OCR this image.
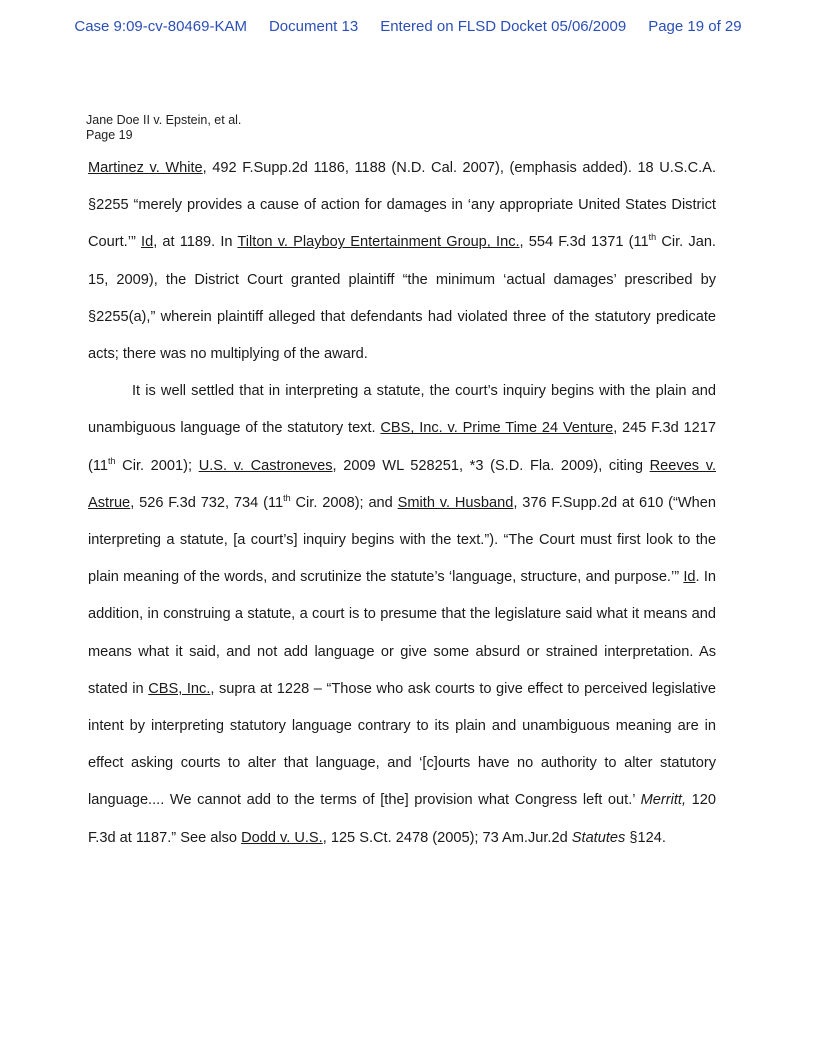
Case 9:09-cv-80469-KAM Document 13 Entered on FLSD Docket 05/06/2009 Page 19 of 29
Jane Doe II v. Epstein, et al.
Page 19

Martinez v. White, 492 F.Supp.2d 1186, 1188 (N.D. Cal. 2007), (emphasis added). 18 U.S.C.A. §2255 “merely provides a cause of action for damages in ‘any appropriate United States District Court.’” Id, at 1189. In Tilton v. Playboy Entertainment Group, Inc., 554 F.3d 1371 (11th Cir. Jan. 15, 2009), the District Court granted plaintiff “the minimum ‘actual damages’ prescribed by §2255(a),” wherein plaintiff alleged that defendants had violated three of the statutory predicate acts; there was no multiplying of the award.

It is well settled that in interpreting a statute, the court’s inquiry begins with the plain and unambiguous language of the statutory text. CBS, Inc. v. Prime Time 24 Venture, 245 F.3d 1217 (11th Cir. 2001); U.S. v. Castroneves, 2009 WL 528251, *3 (S.D. Fla. 2009), citing Reeves v. Astrue, 526 F.3d 732, 734 (11th Cir. 2008); and Smith v. Husband, 376 F.Supp.2d at 610 (“When interpreting a statute, [a court’s] inquiry begins with the text.”). “The Court must first look to the plain meaning of the words, and scrutinize the statute’s ‘language, structure, and purpose.’” Id. In addition, in construing a statute, a court is to presume that the legislature said what it means and means what it said, and not add language or give some absurd or strained interpretation. As stated in CBS, Inc., supra at 1228 – “Those who ask courts to give effect to perceived legislative intent by interpreting statutory language contrary to its plain and unambiguous meaning are in effect asking courts to alter that language, and ‘[c]ourts have no authority to alter statutory language.... We cannot add to the terms of [the] provision what Congress left out.’ Merritt, 120 F.3d at 1187.” See also Dodd v. U.S., 125 S.Ct. 2478 (2005); 73 Am.Jur.2d Statutes §124.
